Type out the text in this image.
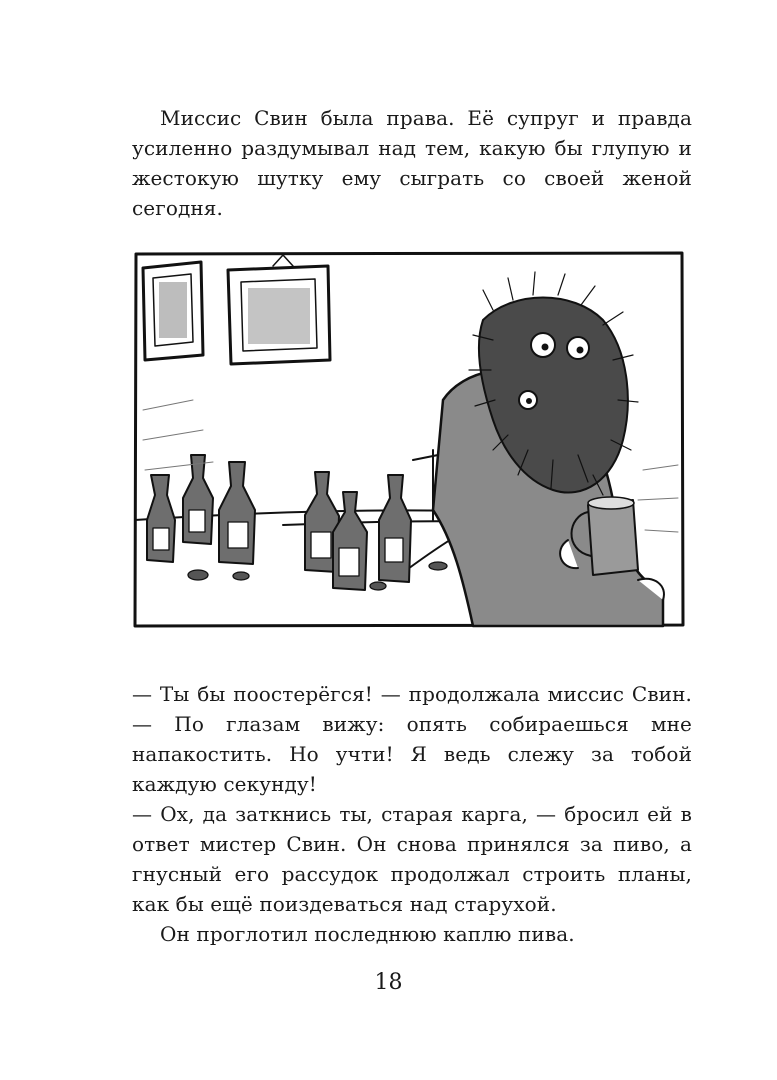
Миссис Свин была права. Её супруг и правда усиленно раздумывал над тем, какую бы глупую и жестокую шутку ему сыграть со своей женой сегодня.

— Ты бы поостерёгся! — продолжала миссис Свин. — По глазам вижу: опять собираешься мне напакостить. Но учти! Я ведь слежу за тобой каждую секунду!

— Ох, да заткнись ты, старая карга, — бросил ей в ответ мистер Свин. Он снова принялся за пиво, а гнусный его рассудок продолжал строить планы, как бы ещё поиздеваться над старухой.

Он проглотил последнюю каплю пива.

18
